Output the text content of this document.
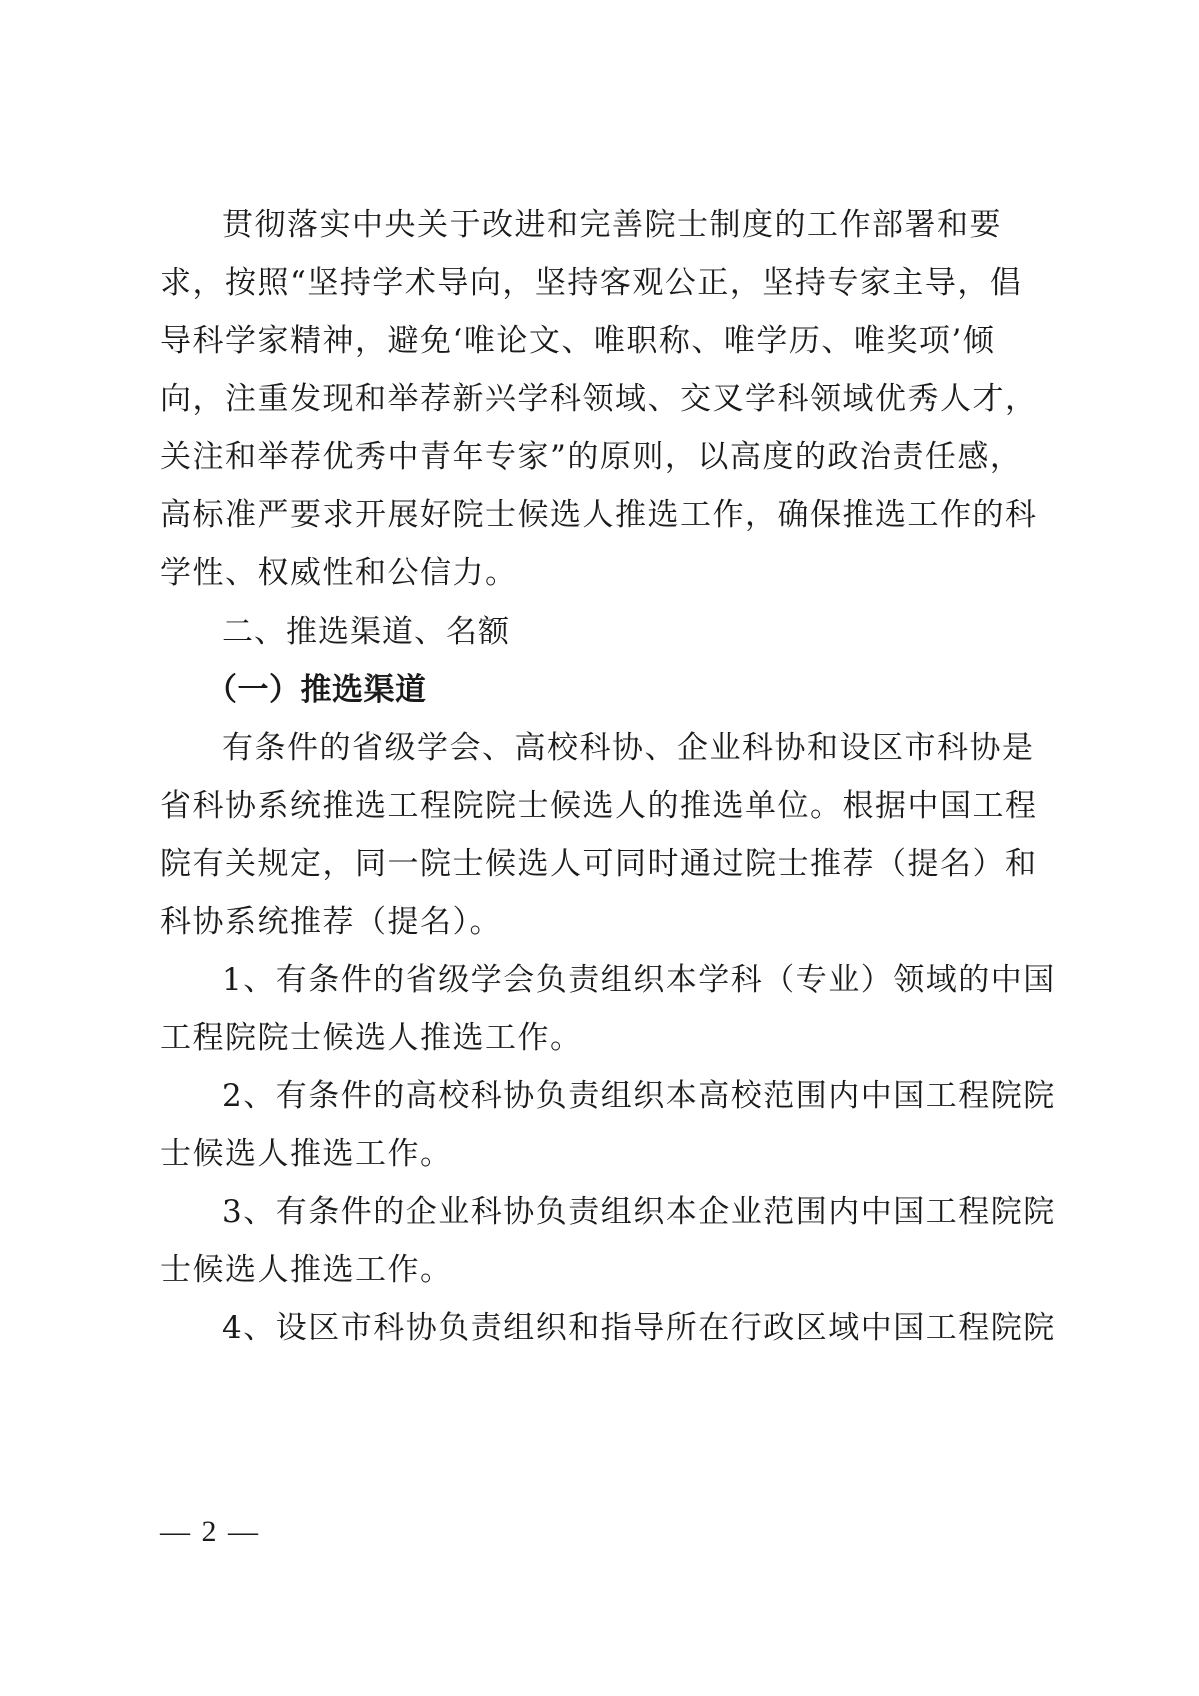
贯彻落实中央关于改进和完善院士制度的工作部署和要
求，按照“坚持学术导向，坚持客观公正，坚持专家主导，倡
导科学家精神，避免‘唯论文、唯职称、唯学历、唯奖项’倾
向，注重发现和举荐新兴学科领域、交叉学科领域优秀人才，
关注和举荐优秀中青年专家”的原则，以高度的政治责任感，
高标准严要求开展好院士候选人推选工作，确保推选工作的科
学性、权威性和公信力。
二、推选渠道、名额
（一）推选渠道
有条件的省级学会、高校科协、企业科协和设区市科协是
省科协系统推选工程院院士候选人的推选单位。根据中国工程
院有关规定，同一院士候选人可同时通过院士推荐（提名）和
科协系统推荐（提名）。
1、有条件的省级学会负责组织本学科（专业）领域的中国
工程院院士候选人推选工作。
2、有条件的高校科协负责组织本高校范围内中国工程院院
士候选人推选工作。
3、有条件的企业科协负责组织本企业范围内中国工程院院
士候选人推选工作。
4、设区市科协负责组织和指导所在行政区域中国工程院院
— 2 —
